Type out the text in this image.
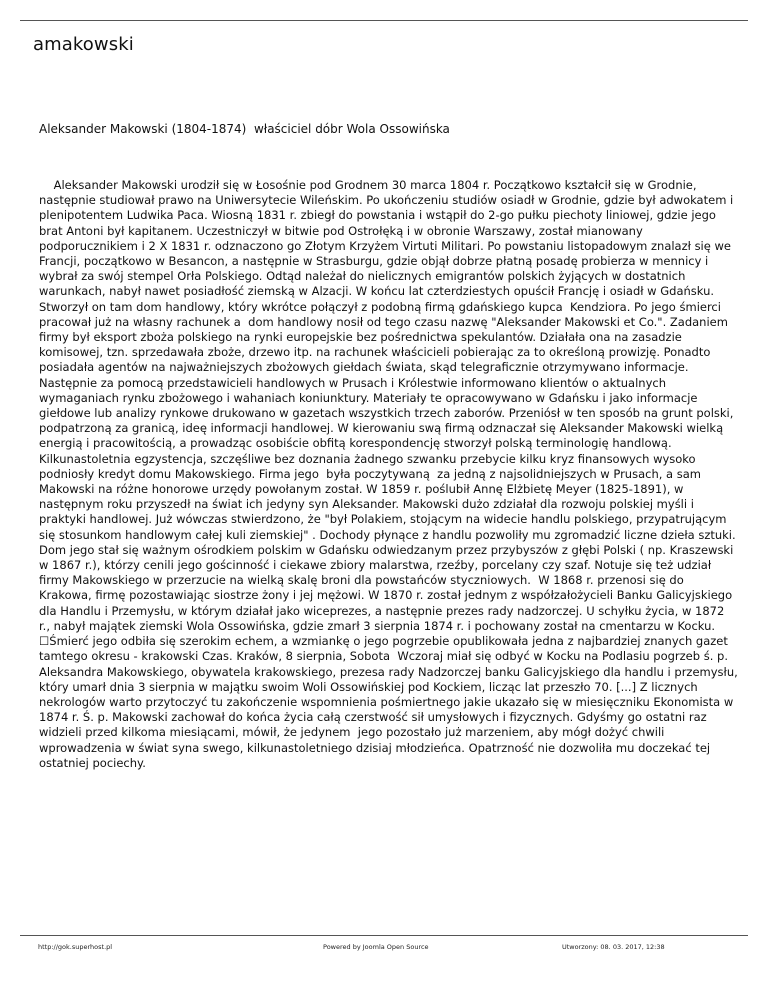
amakowski
Aleksander Makowski (1804-1874)  właściciel dóbr Wola Ossowińska
Aleksander Makowski urodził się w Łosośnie pod Grodnem 30 marca 1804 r. Początkowo kształcił się w Grodnie,
następnie studiował prawo na Uniwersytecie Wileńskim. Po ukończeniu studiów osiadł w Grodnie, gdzie był adwokatem i
plenipotentem Ludwika Paca. Wiosną 1831 r. zbiegł do powstania i wstąpił do 2-go pułku piechoty liniowej, gdzie jego
brat Antoni był kapitanem. Uczestniczył w bitwie pod Ostrołęką i w obronie Warszawy, został mianowany
podporucznikiem i 2 X 1831 r. odznaczono go Złotym Krzyżem Virtuti Militari. Po powstaniu listopadowym znalazł się we
Francji, początkowo w Besancon, a następnie w Strasburgu, gdzie objął dobrze płatną posadę probierza w mennicy i
wybrał za swój stempel Orła Polskiego. Odtąd należał do nielicznych emigrantów polskich żyjących w dostatnich
warunkach, nabył nawet posiadłość ziemską w Alzacji. W końcu lat czterdziestych opuścił Francję i osiadł w Gdańsku.
Stworzył on tam dom handlowy, który wkrótce połączył z podobną firmą gdańskiego kupca  Kendziora. Po jego śmierci
pracował już na własny rachunek a  dom handlowy nosił od tego czasu nazwę "Aleksander Makowski et Co.". Zadaniem
firmy był eksport zboża polskiego na rynki europejskie bez pośrednictwa spekulantów. Działała ona na zasadzie
komisowej, tzn. sprzedawała zboże, drzewo itp. na rachunek właścicieli pobierając za to określoną prowizję. Ponadto
posiadała agentów na najważniejszych zbożowych giełdach świata, skąd telegraficznie otrzymywano informacje.
Następnie za pomocą przedstawicieli handlowych w Prusach i Królestwie informowano klientów o aktualnych
wymaganiach rynku zbożowego i wahaniach koniunktury. Materiały te opracowywano w Gdańsku i jako informacje
giełdowe lub analizy rynkowe drukowano w gazetach wszystkich trzech zaborów. Przeniósł w ten sposób na grunt polski,
podpatrzoną za granicą, ideę informacji handlowej. W kierowaniu swą firmą odznaczał się Aleksander Makowski wielką
energią i pracowitością, a prowadząc osobiście obfitą korespondencję stworzył polską terminologię handlową.
Kilkunastoletnia egzystencja, szczęśliwe bez doznania żadnego szwanku przebycie kilku kryz finansowych wysoko
podniosły kredyt domu Makowskiego. Firma jego  była poczytywaną  za jedną z najsolidniejszych w Prusach, a sam
Makowski na różne honorowe urzędy powołanym został. W 1859 r. poślubił Annę Elżbietę Meyer (1825-1891), w
następnym roku przyszedł na świat ich jedyny syn Aleksander. Makowski dużo zdziałał dla rozwoju polskiej myśli i
praktyki handlowej. Już wówczas stwierdzono, że "był Polakiem, stojącym na widecie handlu polskiego, przypatrującym
się stosunkom handlowym całej kuli ziemskiej" . Dochody płynące z handlu pozwoliły mu zgromadzić liczne dzieła sztuki.
Dom jego stał się ważnym ośrodkiem polskim w Gdańsku odwiedzanym przez przybyszów z głębi Polski ( np. Kraszewski
w 1867 r.), którzy cenili jego gościnność i ciekawe zbiory malarstwa, rzeźby, porcelany czy szaf. Notuje się też udział
firmy Makowskiego w przerzucie na wielką skalę broni dla powstańców styczniowych.  W 1868 r. przenosi się do
Krakowa, firmę pozostawiając siostrze żony i jej mężowi. W 1870 r. został jednym z współzałożycieli Banku Galicyjskiego
dla Handlu i Przemysłu, w którym działał jako wiceprezes, a następnie prezes rady nadzorczej. U schyłku życia, w 1872
r., nabył majątek ziemski Wola Ossowińska, gdzie zmarł 3 sierpnia 1874 r. i pochowany został na cmentarzu w Kocku.
☐Śmierć jego odbiła się szerokim echem, a wzmiankę o jego pogrzebie opublikowała jedna z najbardziej znanych gazet
tamtego okresu - krakowski Czas. Kraków, 8 sierpnia, Sobota  Wczoraj miał się odbyć w Kocku na Podlasiu pogrzeb ś. p.
Aleksandra Makowskiego, obywatela krakowskiego, prezesa rady Nadzorczej banku Galicyjskiego dla handlu i przemysłu,
który umarł dnia 3 sierpnia w majątku swoim Woli Ossowińskiej pod Kockiem, licząc lat przeszło 70. [...] Z licznych
nekrologów warto przytoczyć tu zakończenie wspomnienia pośmiertnego jakie ukazało się w miesięczniku Ekonomista w
1874 r. Ś. p. Makowski zachował do końca życia całą czerstwość sił umysłowych i fizycznych. Gdyśmy go ostatni raz
widzieli przed kilkoma miesiącami, mówił, że jedynem  jego pozostało już marzeniem, aby mógł dożyć chwili
wprowadzenia w świat syna swego, kilkunastoletniego dzisiaj młodzieńca. Opatrzność nie dozwoliła mu doczekać tej
ostatniej pociechy.
http://gok.superhost.pl	Powered by Joomla Open Source	Utworzony: 08. 03. 2017, 12:38
